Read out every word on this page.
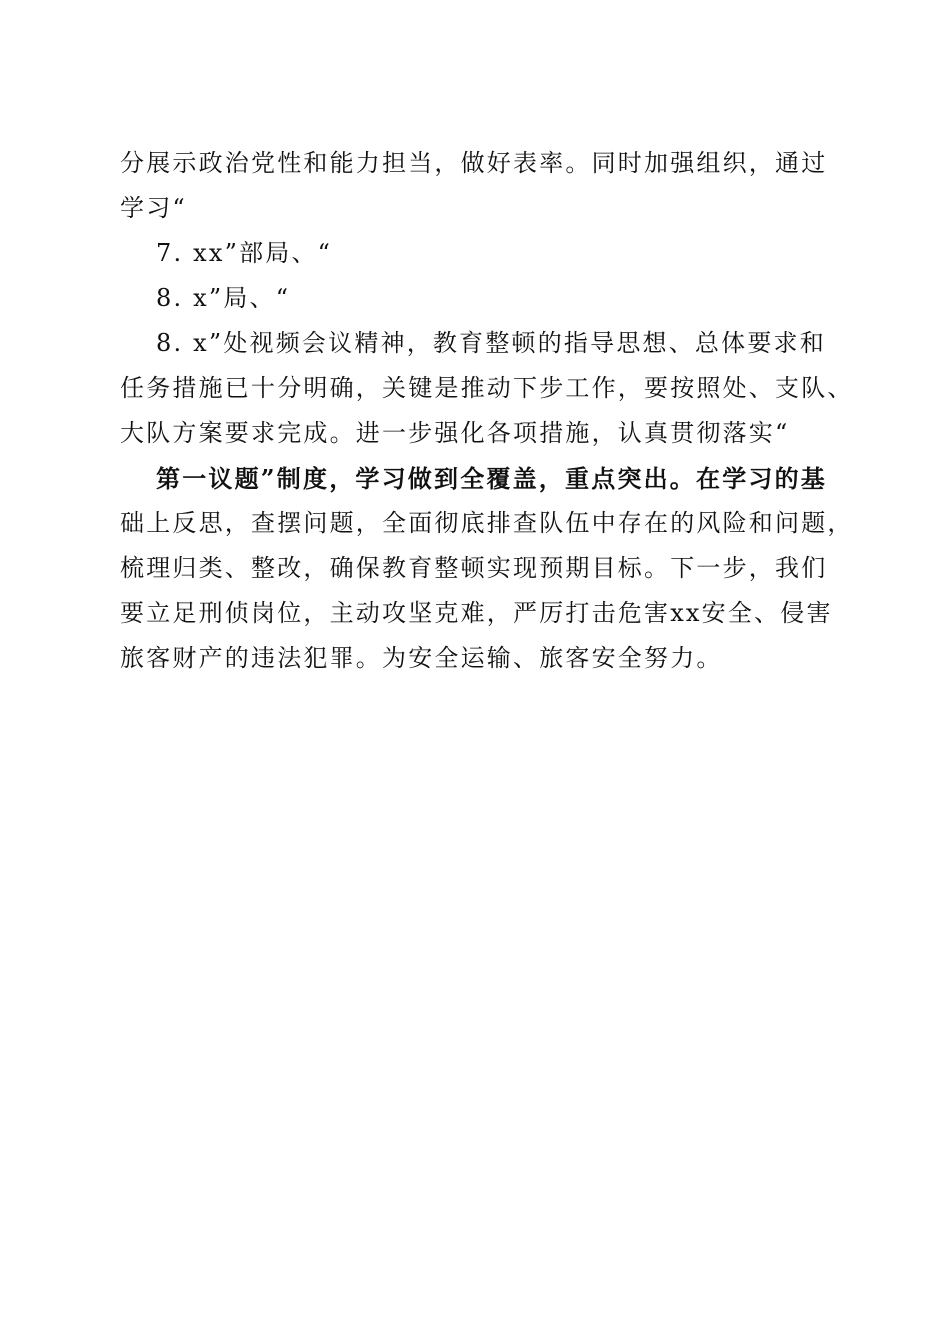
分展示政治党性和能力担当，做好表率。同时加强组织，通过
学习“
7. xx”部局、“
8. x”局、“
8. x”处视频会议精神，教育整顿的指导思想、总体要求和
任务措施已十分明确，关键是推动下步工作，要按照处、支队、
大队方案要求完成。进一步强化各项措施，认真贯彻落实“
第一议题”制度，学习做到全覆盖，重点突出。在学习的基
础上反思，查摆问题，全面彻底排查队伍中存在的风险和问题，
梳理归类、整改，确保教育整顿实现预期目标。下一步，我们
要立足刑侦岗位，主动攻坚克难，严厉打击危害xx安全、侵害
旅客财产的违法犯罪。为安全运输、旅客安全努力。
